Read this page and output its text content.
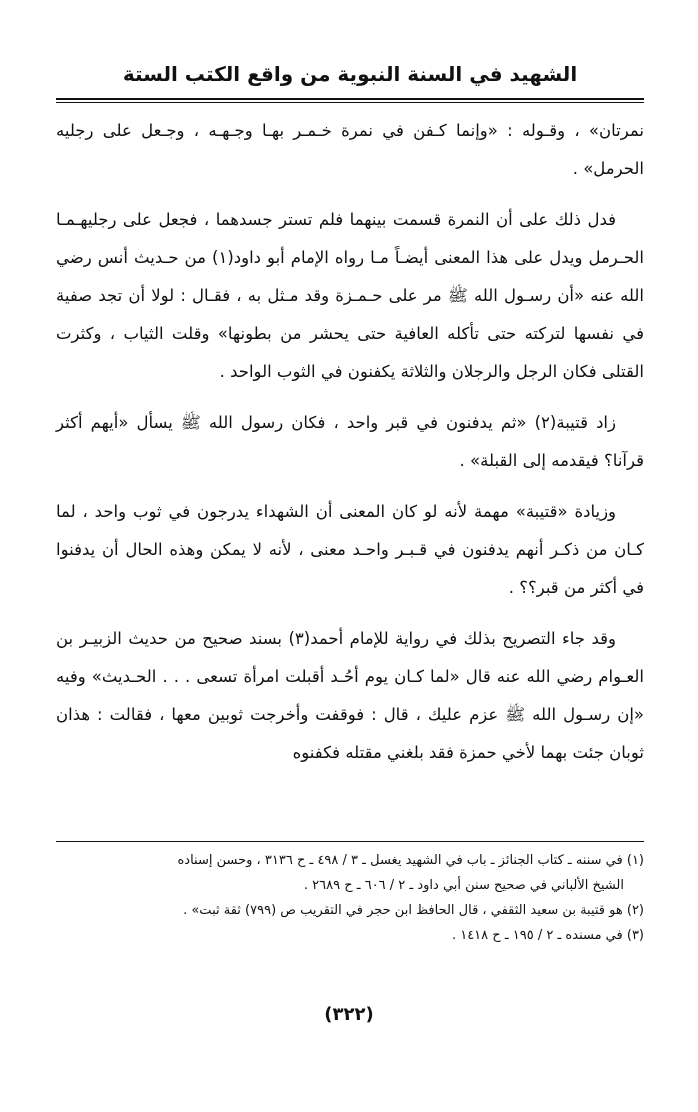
الشهيد في السنة النبوية من واقع الكتب الستة

نمرتان» ، وقـوله : «وإنما كـفن في نمرة خـمـر بهـا وجـهـه ، وجـعل على رجليه الحرمل» .

فدل ذلك على أن النمرة قسمت بينهما فلم تستر جسدهما ، فجعل على رجليهـمـا الحـرمل ويدل على هذا المعنى أيضـاً مـا رواه الإمام أبو داود(١) من حـديث أنس رضي الله عنه «أن رسـول الله ﷺ مر على حـمـزة وقد مـثل به ، فقـال : لولا أن تجد صفية في نفسها لتركته حتى تأكله العافية حتى يحشر من بطونها» وقلت الثياب ، وكثرت القتلى فكان الرجل والرجلان والثلاثة يكفنون في الثوب الواحد .

زاد قتيبة(٢) «ثم يدفنون في قبر واحد ، فكان رسول الله ﷺ يسأل «أيهم أكثر قرآنا؟ فيقدمه إلى القبلة» .

وزيادة «قتيبة» مهمة لأنه لو كان المعنى أن الشهداء يدرجون في ثوب واحد ، لما كـان من ذكـر أنهم يدفنون في قـبـر واحـد معنى ، لأنه لا يمكن وهذه الحال أن يدفنوا في أكثر من قبر؟؟ .

وقد جاء التصريح بذلك في رواية للإمام أحمد(٣) بسند صحيح من حديث الزبيـر بن العـوام رضي الله عنه قال «لما كـان يوم أحُـد أقبلت امرأة تسعى . . . الحـديث» وفيه «إن رسـول الله ﷺ عزم عليك ، قال : فوقفت وأخرجت ثوبين معها ، فقالت : هذان ثوبان جئت بهما لأخي حمزة فقد بلغني مقتله فكفنوه

(١) في سننه ـ كتاب الجنائز ـ باب في الشهيد يغسل ـ ٣ / ٤٩٨ ـ ح ٣١٣٦ ، وحسن إسناده

الشيخ الألباني في صحيح سنن أبي داود ـ ٢ / ٦٠٦ ـ ح ٢٦٨٩ .

(٢) هو قتيبة بن سعيد الثقفي ، قال الحافظ ابن حجر في التقريب ص (٧٩٩) ثقة ثبت» .

(٣) في مسنده ـ ٢ / ١٩٥ ـ ح ١٤١٨ .

(٣٢٢)
